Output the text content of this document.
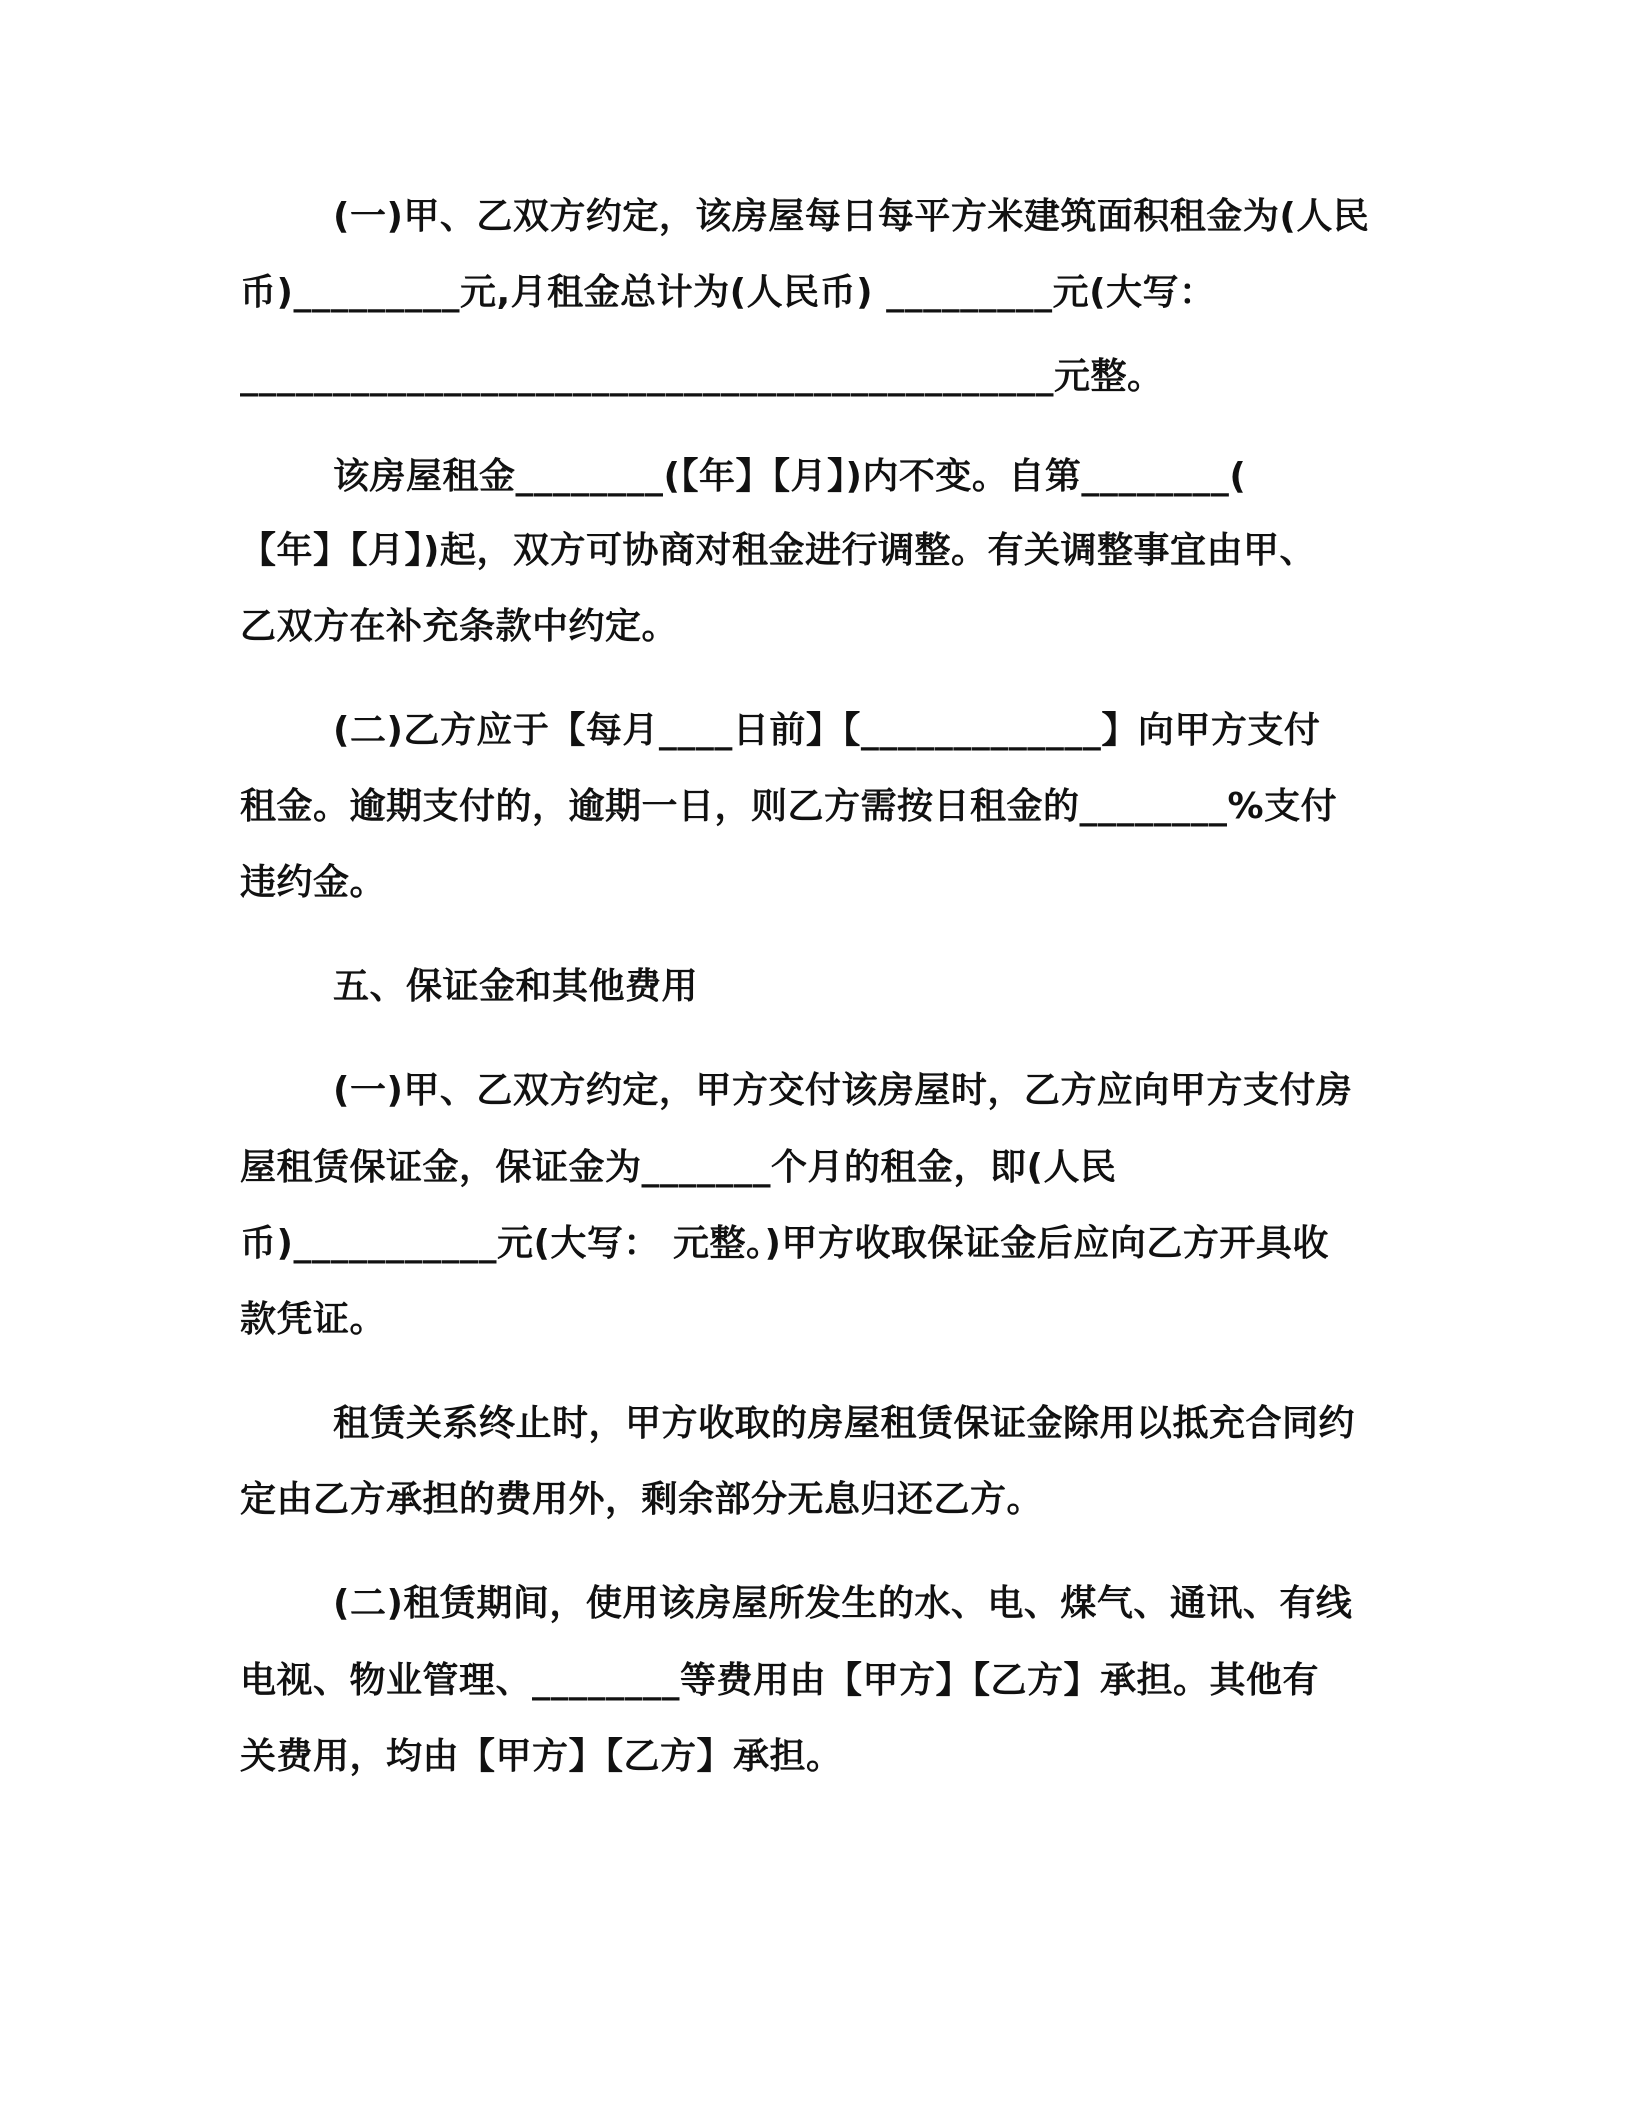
(一)甲、乙双方约定，该房屋每日每平方米建筑面积租金为(人民
币)_________元,月租金总计为(人民币) _________元(大写：
____________________________________________元整。
该房屋租金________(【年】【月】)内不变。自第________(
【年】【月】)起，双方可协商对租金进行调整。有关调整事宜由甲、
乙双方在补充条款中约定。
(二)乙方应于【每月____日前】【_____________】向甲方支付
租金。逾期支付的，逾期一日，则乙方需按日租金的________%支付
违约金。
五、保证金和其他费用
(一)甲、乙双方约定，甲方交付该房屋时，乙方应向甲方支付房
屋租赁保证金，保证金为_______个月的租金，即(人民
币)___________元(大写： 元整。)甲方收取保证金后应向乙方开具收
款凭证。
租赁关系终止时，甲方收取的房屋租赁保证金除用以抵充合同约
定由乙方承担的费用外，剩余部分无息归还乙方。
(二)租赁期间，使用该房屋所发生的水、电、煤气、通讯、有线
电视、物业管理、________等费用由【甲方】【乙方】承担。其他有
关费用，均由【甲方】【乙方】承担。
